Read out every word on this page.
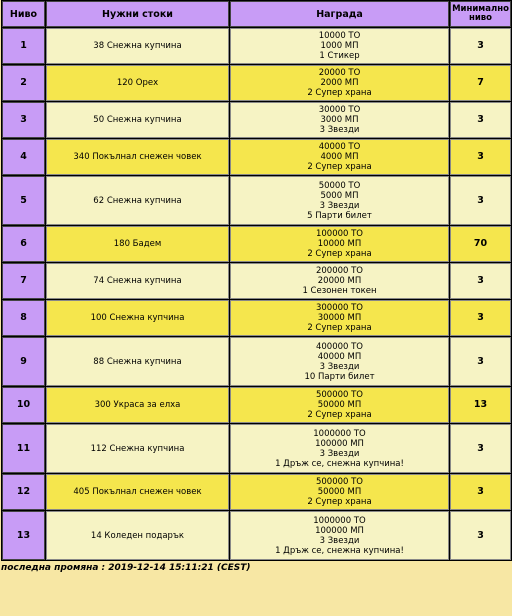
Ниво	Нужни стоки	Награда	Минимално
ниво
1	38 Снежна купчина	10000 ТО
1000 МП
1 Стикер	3
2	120 Орех	20000 ТО
2000 МП
2 Супер храна	7
3	50 Снежна купчина	30000 ТО
3000 МП
3 Звезди	3
4	340 Покълнал снежен човек	40000 ТО
4000 МП
2 Супер храна	3
5	62 Снежна купчина	50000 ТО
5000 МП
3 Звезди
5 Парти билет	3
6	180 Бадем	100000 ТО
10000 МП
2 Супер храна	70
7	74 Снежна купчина	200000 ТО
20000 МП
1 Сезонен токен	3
8	100 Снежна купчина	300000 ТО
30000 МП
2 Супер храна	3
9	88 Снежна купчина	400000 ТО
40000 МП
3 Звезди
10 Парти билет	3
10	300 Украса за елха	500000 ТО
50000 МП
2 Супер храна	13
11	112 Снежна купчина	1000000 ТО
100000 МП
3 Звезди
1 Дръж се, снежна купчина!	3
12	405 Покълнал снежен човек	500000 ТО
50000 МП
2 Супер храна	3
13	14 Коледен подарък	1000000 ТО
100000 МП
3 Звезди
1 Дръж се, снежна купчина!	3
последна промяна : 2019-12-14 15:11:21 (CEST)
